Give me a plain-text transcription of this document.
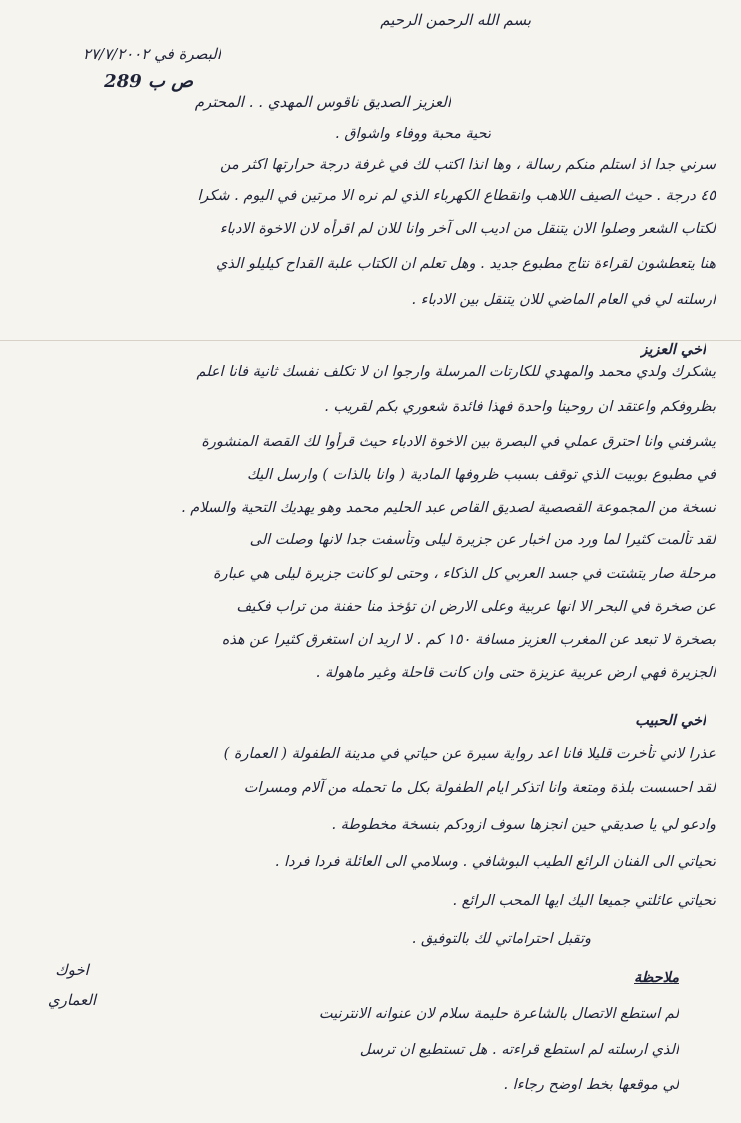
بسم الله الرحمن الرحيم
البصرة في ٢٧/٧/٢٠٠٢
ص ب 289
العزيز الصديق ناقوس المهدي . . المحترم
تحية محبة ووفاء واشواق .
سرني جدا اذ استلم منكم رسالة ، وها انذا اكتب لك في غرفة درجة حرارتها اكثر من
٤٥ درجة . حيث الصيف اللاهب وانقطاع الكهرباء الذي لم نره الا مرتين في اليوم . شكرا
لكتاب الشعر وصلوا الان يتنقل من اديب الى آخر وانا للان لم اقرأه لان الاخوة الادباء
هنا يتعطشون لقراءة نتاج مطبوع جديد . وهل تعلم ان الكتاب علبة القداح كيليلو الذي
ارسلته لي في العام الماضي للان يتنقل بين الادباء .
اخي العزيز
يشكرك ولدي محمد والمهدي للكارتات المرسلة وارجوا ان لا تكلف نفسك ثانية فانا اعلم
بظروفكم واعتقد ان روحينا واحدة فهذا فائدة شعوري بكم لقريب .
يشرفني وانا احترق عملي في البصرة بين الاخوة الادباء حيث قرأوا لك القصة المنشورة
في مطبوع بوبيت الذي توقف بسبب ظروفها المادية ( وانا بالذات ) وارسل اليك
نسخة من المجموعة القصصية لصديق القاص عبد الحليم محمد وهو يهديك التحية والسلام .
لقد تألمت كثيرا لما ورد من اخبار عن جزيرة ليلى وتأسفت جدا لانها وصلت الى
مرحلة صار يتشتت في جسد العربي كل الذكاء ، وحتى لو كانت جزيرة ليلى هي عبارة
عن صخرة في البحر الا انها عربية وعلى الارض ان تؤخذ منا حفنة من تراب فكيف
بصخرة لا تبعد عن المغرب العزيز مسافة ١٥٠ كم . لا اريد ان استغرق كثيرا عن هذه
الجزيرة فهي ارض عربية عزيزة حتى وان كانت قاحلة وغير ماهولة .
اخي الحبيب
عذرا لاني تأخرت قليلا فانا اعد رواية سيرة عن حياتي في مدينة الطفولة ( العمارة )
لقد احسست بلذة ومتعة وانا اتذكر ايام الطفولة بكل ما تحمله من آلام ومسرات
وادعو لي يا صديقي حين انجزها سوف ازودكم بنسخة مخطوطة .
تحياتي الى الفنان الرائع الطيب البوشافي . وسلامي الى العائلة فردا فردا .
تحياتي عائلتي جميعا اليك ايها المحب الرائع .
وتقبل احتراماتي لك بالتوفيق .
اخوك
العماري
ملاحظة
لم استطع الاتصال بالشاعرة حليمة سلام لان عنوانه الانترنيت
الذي ارسلته لم استطع قراءته . هل تستطيع ان ترسل
لي موقعها بخط اوضح رجاءا .
